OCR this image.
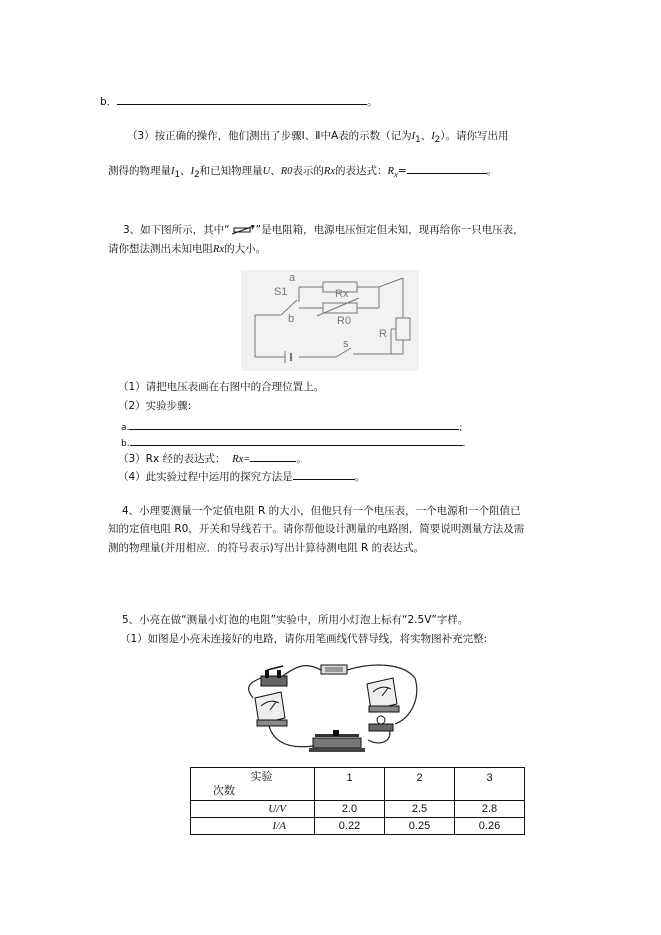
b．	。
（3）按正确的操作，他们测出了步骤Ⅰ、Ⅱ中A表的示数（记为$I_1$、$I_2$）。请你写出用
测得的物理量$I_1$、$I_2$和已知物理量U、R0表示的Rx的表达式：$R_x=$	。
3、如下图所示，其中“ ”是电阻箱，电源电压恒定但未知，现再给你一只电压表，
请你想法测出未知电阻Rx的大小。
a
S1	Rx
b	R0
R
s
（1）请把电压表画在右图中的合理位置上。
（2）实验步骤:
a.	;
b.	.
（3）Rx 经的表达式： Rx=	。
（4）此实验过程中运用的探究方法是	。
4、小理要测量一个定值电阻 R 的大小，但他只有一个电压表，一个电源和一个阻值已
知的定值电阻 R0，开关和导线若干。请你帮他设计测量的电路图，简要说明测量方法及需
测的物理量(并用相应．的符号表示)写出计算待测电阻 R 的表达式。
5、小亮在做“测量小灯泡的电阻”实验中，所用小灯泡上标有“2.5V”字样。
（1）如图是小亮未连接好的电路，请你用笔画线代替导线，将实物图补充完整:
实验
次数	1	2	3
U/V	2.0	2.5	2.8
I/A	0.22	0.25	0.26
